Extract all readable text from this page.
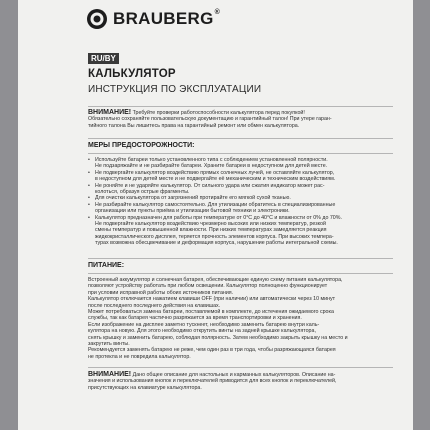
BRAUBERG®
RU/BY
КАЛЬКУЛЯТОР
ИНСТРУКЦИЯ ПО ЭКСПЛУАТАЦИИ
ВНИМАНИЕ! Требуйте проверки работоспособности калькулятора перед покупкой!

Обязательно сохраняйте пользовательскую документацию и гарантийный талон! При утере гаран-

тийного талона Вы лишитесь права на гарантийный ремонт или обмен калькулятора.

МЕРЫ ПРЕДОСТОРОЖНОСТИ:

• Используйте батареи только установленного типа с соблюдением установленной полярности.

Не подзаряжайте и не разбирайте батареи. Храните батареи в недоступном для детей месте.

• Не подвергайте калькулятор воздействию прямых солнечных лучей, не оставляйте калькулятор,

в недоступном для детей месте и не подвергайте её механическим и техническим воздействиям.

• Не роняйте и не ударяйте калькулятор. От сильного удара или сжатия индикатор может рас-

колоться, образуя острые фрагменты.

• Для очистки калькулятора от загрязнений протирайте его мягкой сухой тканью.

• Не разбирайте калькулятор самостоятельно. Для утилизации обратитесь в специализированные

организации или пункты приёма и утилизации бытовой техники и электроники.

• Калькулятор предназначен для работы при температуре от 0°С до 40°С и влажности от 0% до 70%.

Не подвергайте калькулятор воздействию чрезмерно высоких или низких температур, резкой

смены температур и повышенной влажности. При низких температурах замедляется реакция

жидкокристаллического дисплея, теряется прочность элементов корпуса. При высоких темпера-

турах возможна обесцвечивание и деформация корпуса, нарушение работы интегральной схемы.

ПИТАНИЕ:

Встроенный аккумулятор и солнечная батарея, обеспечивающие единую схему питания калькулятора,

позволяют устройству работать при любом освещении. Калькулятор полноценно функционирует

при условии исправной работы обоих источников питания.

Калькулятор отключается нажатием клавиши OFF (при наличии) или автоматически через 10 минут

после последнего последнего действия на клавишах.

Может потребоваться замена батареи, поставляемой в комплекте, до истечения ожидаемого срока

службы, так как батарея частично разряжается за время транспортировки и хранения.

Если изображение на дисплее заметно тускнеет, необходимо заменить батарею внутри каль-

кулятора на новую. Для этого необходимо открутить винты на задней крышке калькулятора,

снять крышку и заменить батарею, соблюдая полярность. Затем необходимо закрыть крышку на место и

закрутить винты.

Рекомендуется заменять батарею не реже, чем один раз в три года, чтобы разряжающаяся батарея

не протекла и не повредила калькулятор.

ВНИМАНИЕ! Дано общее описание для настольных и карманных калькуляторов. Описание на-

значения и использования кнопок и переключателей приводится для всех кнопок и переключателей,

присутствующих на клавиатуре калькулятора.
